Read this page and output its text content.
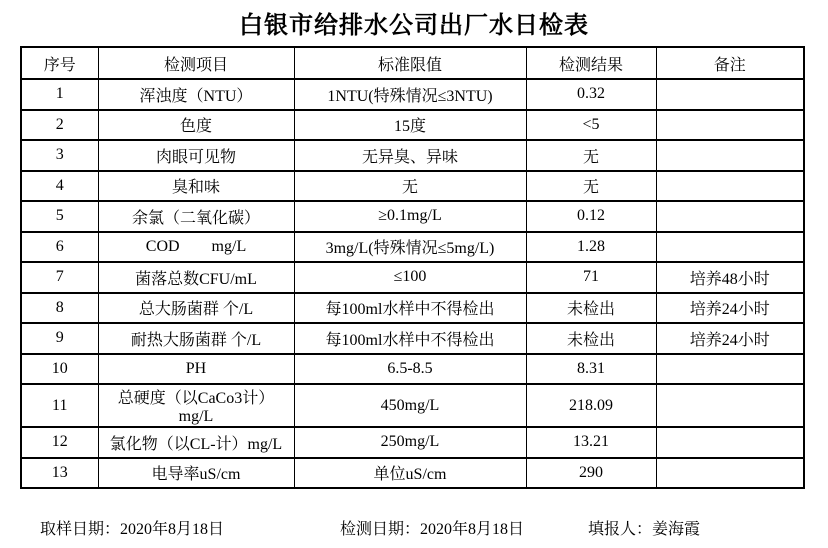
白银市给排水公司出厂水日检表
序号	检测项目	标准限值	检测结果	备注
1	浑浊度（NTU）	1NTU(特殊情况≤3NTU)	0.32	
2	色度	15度	<5	
3	肉眼可见物	无异臭、异味	无	
4	臭和味	无	无	
5	余氯（二氧化碳）	≥0.1mg/L	0.12	
6	COD        mg/L	3mg/L(特殊情况≤5mg/L)	1.28	
7	菌落总数CFU/mL	≤100	71	培养48小时
8	总大肠菌群 个/L	每100ml水样中不得检出	未检出	培养24小时
9	耐热大肠菌群 个/L	每100ml水样中不得检出	未检出	培养24小时
10	PH	6.5-8.5	8.31	
11	总硬度（以CaCo3计）mg/L	450mg/L	218.09	
12	氯化物（以CL-计）mg/L	250mg/L	13.21	
13	电导率uS/cm	单位uS/cm	290	
取样日期：2020年8月18日	检测日期：2020年8月18日	填报人：姜海霞
